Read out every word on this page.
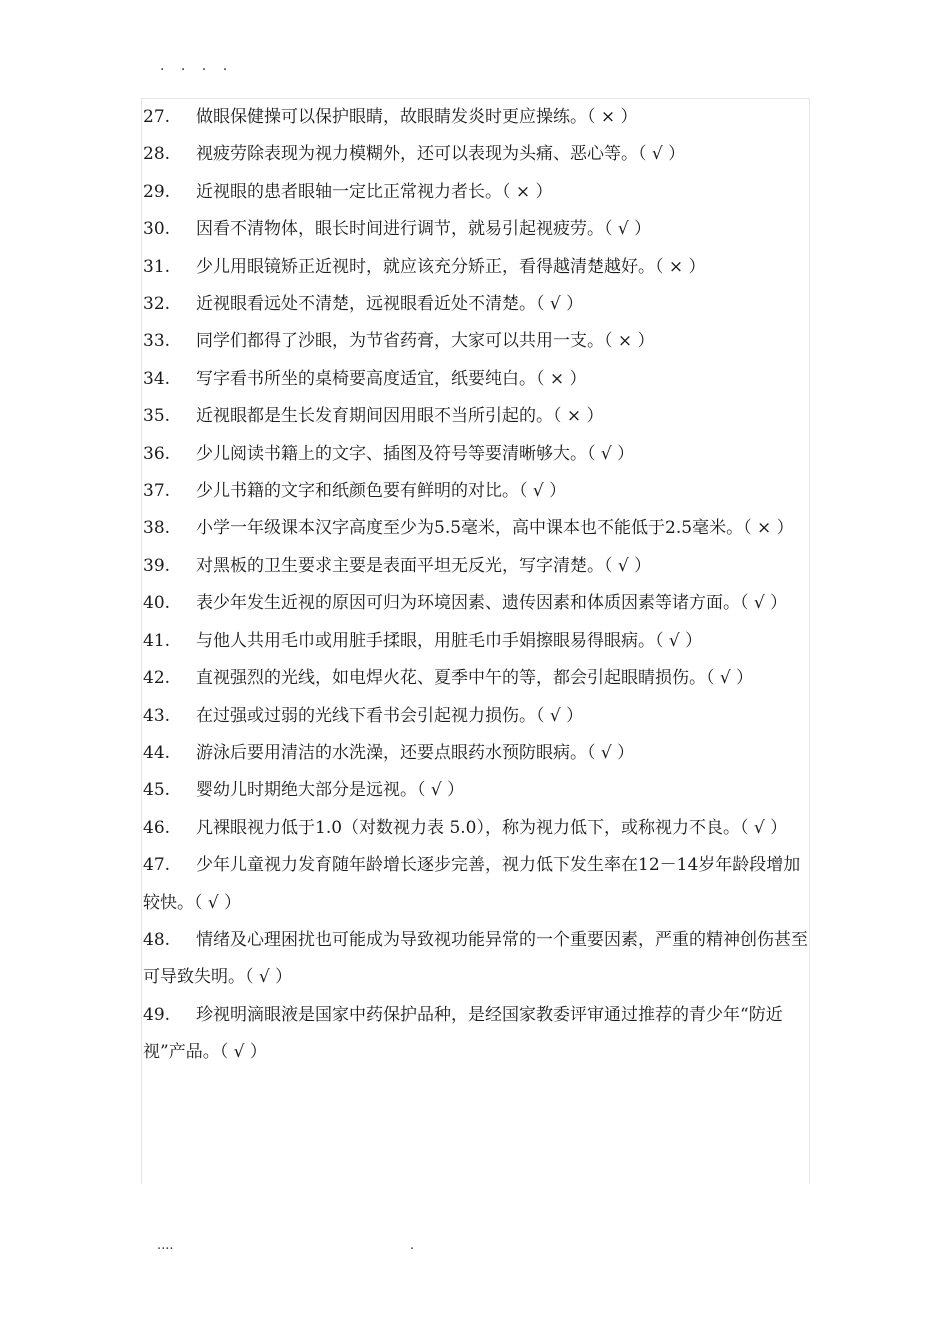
. . . .
27. 做眼保健操可以保护眼睛，故眼睛发炎时更应操练。（ × ）
28. 视疲劳除表现为视力模糊外，还可以表现为头痛、恶心等。（ √ ）
29. 近视眼的患者眼轴一定比正常视力者长。（ × ）
30. 因看不清物体，眼长时间进行调节，就易引起视疲劳。（ √ ）
31. 少儿用眼镜矫正近视时，就应该充分矫正，看得越清楚越好。（ × ）
32. 近视眼看远处不清楚，远视眼看近处不清楚。（ √ ）
33. 同学们都得了沙眼，为节省药膏，大家可以共用一支。（ × ）
34. 写字看书所坐的桌椅要高度适宜，纸要纯白。（ × ）
35. 近视眼都是生长发育期间因用眼不当所引起的。（ × ）
36. 少儿阅读书籍上的文字、插图及符号等要清晰够大。（ √ ）
37. 少儿书籍的文字和纸颜色要有鲜明的对比。（ √ ）
38. 小学一年级课本汉字高度至少为5.5毫米，高中课本也不能低于2.5毫米。（ × ）
39. 对黑板的卫生要求主要是表面平坦无反光，写字清楚。（ √ ）
40. 表少年发生近视的原因可归为环境因素、遗传因素和体质因素等诸方面。（ √ ）
41. 与他人共用毛巾或用脏手揉眼，用脏毛巾手娟擦眼易得眼病。（ √ ）
42. 直视强烈的光线，如电焊火花、夏季中午的等，都会引起眼睛损伤。（ √ ）
43. 在过强或过弱的光线下看书会引起视力损伤。（ √ ）
44. 游泳后要用清洁的水洗澡，还要点眼药水预防眼病。（ √ ）
45. 婴幼儿时期绝大部分是远视。（ √ ）
46. 凡裸眼视力低于1.0（对数视力表 5.0），称为视力低下，或称视力不良。（ √ ）
47. 少年儿童视力发育随年龄增长逐步完善，视力低下发生率在12－14岁年龄段增加较快。（ √ ）
48. 情绪及心理困扰也可能成为导致视功能异常的一个重要因素，严重的精神创伤甚至可导致失明。（ √ ）
49. 珍视明滴眼液是国家中药保护品种，是经国家教委评审通过推荐的青少年“防近视”产品。（ √ ）
....	.
